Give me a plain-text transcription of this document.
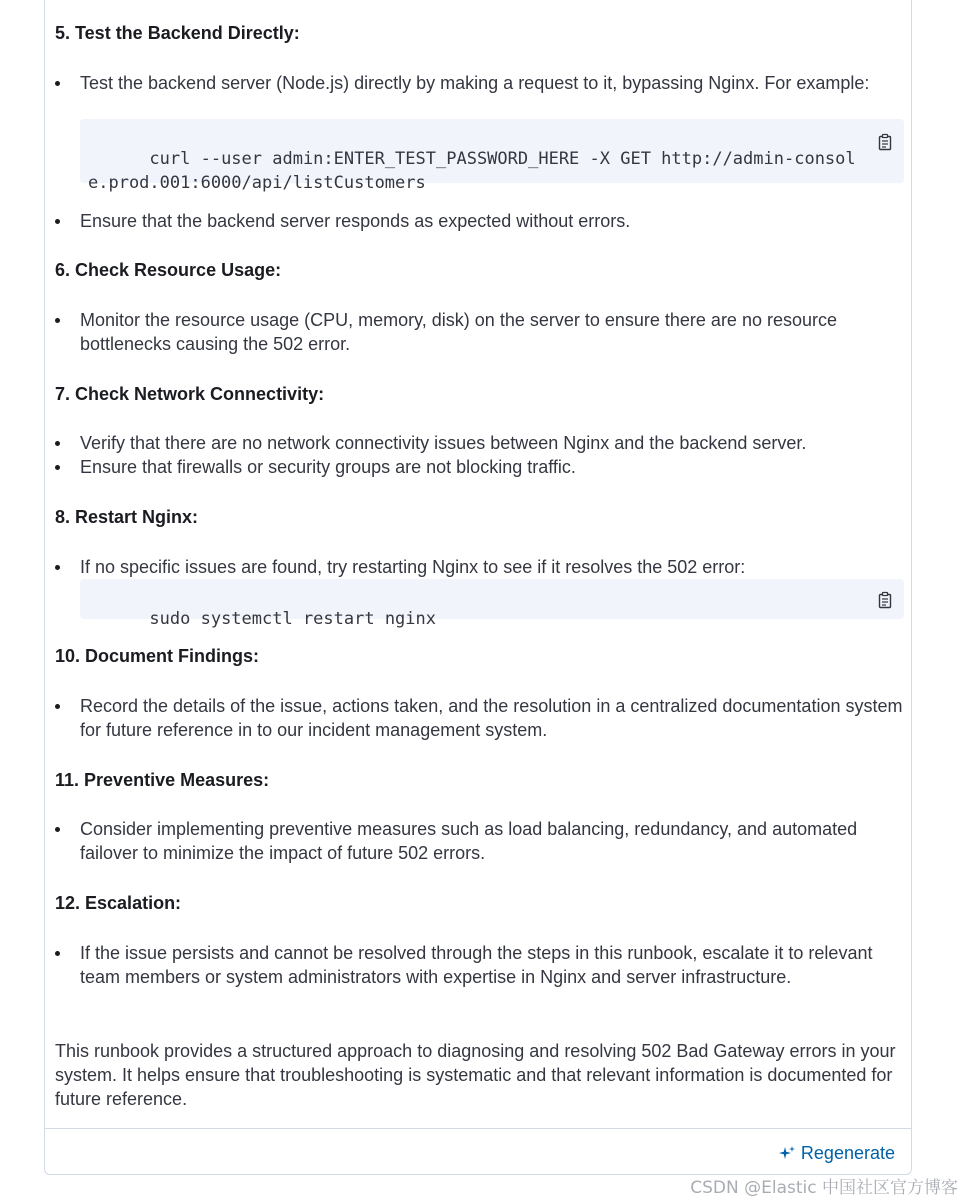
5. Test the Backend Directly:
Test the backend server (Node.js) directly by making a request to it, bypassing Nginx. For example:

curl --user admin:ENTER_TEST_PASSWORD_HERE -X GET http://admin-console.prod.001:6000/api/listCustomers

Ensure that the backend server responds as expected without errors.
6. Check Resource Usage:
Monitor the resource usage (CPU, memory, disk) on the server to ensure there are no resource bottlenecks causing the 502 error.
7. Check Network Connectivity:
Verify that there are no network connectivity issues between Nginx and the backend server.
Ensure that firewalls or security groups are not blocking traffic.
8. Restart Nginx:
If no specific issues are found, try restarting Nginx to see if it resolves the 502 error:

sudo systemctl restart nginx

10. Document Findings:
Record the details of the issue, actions taken, and the resolution in a centralized documentation system for future reference in to our incident management system.
11. Preventive Measures:
Consider implementing preventive measures such as load balancing, redundancy, and automated failover to minimize the impact of future 502 errors.
12. Escalation:
If the issue persists and cannot be resolved through the steps in this runbook, escalate it to relevant team members or system administrators with expertise in Nginx and server infrastructure.
This runbook provides a structured approach to diagnosing and resolving 502 Bad Gateway errors in your system. It helps ensure that troubleshooting is systematic and that relevant information is documented for future reference.
Regenerate
CSDN @Elastic 中国社区官方博客
